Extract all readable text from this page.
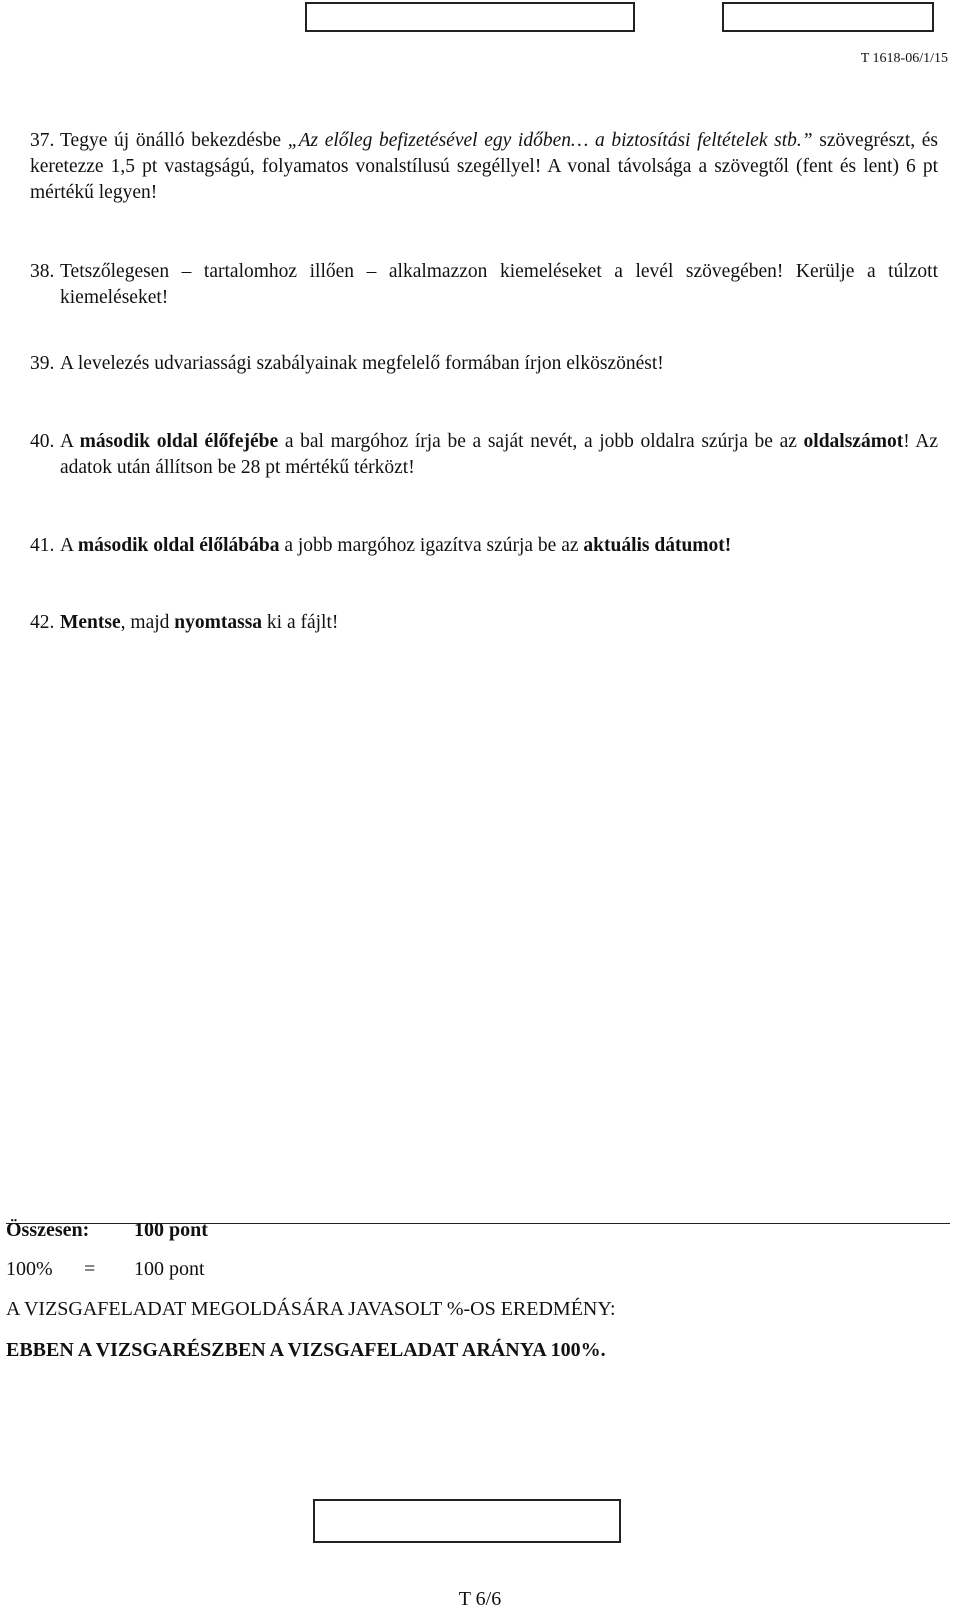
T 1618-06/1/15
37. Tegye új önálló bekezdésbe „Az előleg befizetésével egy időben… a biztosítási feltételek stb.” szövegrészt, és keretezze 1,5 pt vastagságú, folyamatos vonalstílusú szegéllyel! A vonal távolsága a szövegtől (fent és lent) 6 pt mértékű legyen!
38. Tetszőlegesen – tartalomhoz illően – alkalmazzon kiemeléseket a levél szövegében! Kerülje a túlzott kiemeléseket!
39. A levelezés udvariassági szabályainak megfelelő formában írjon elköszönést!
40. A második oldal élőfejébe a bal margóhoz írja be a saját nevét, a jobb oldalra szúrja be az oldalszámot! Az adatok után állítson be 28 pt mértékű térközt!
41. A második oldal élőlábába a jobb margóhoz igazítva szúrja be az aktuális dátumot!
42. Mentse, majd nyomtassa ki a fájlt!
Összesen: 100 pont
100% = 100 pont
A VIZSGAFELADAT MEGOLDÁSÁRA JAVASOLT %-OS EREDMÉNY:
EBBEN A VIZSGARÉSZBEN A VIZSGAFELADAT ARÁNYA 100%.
T 6/6
